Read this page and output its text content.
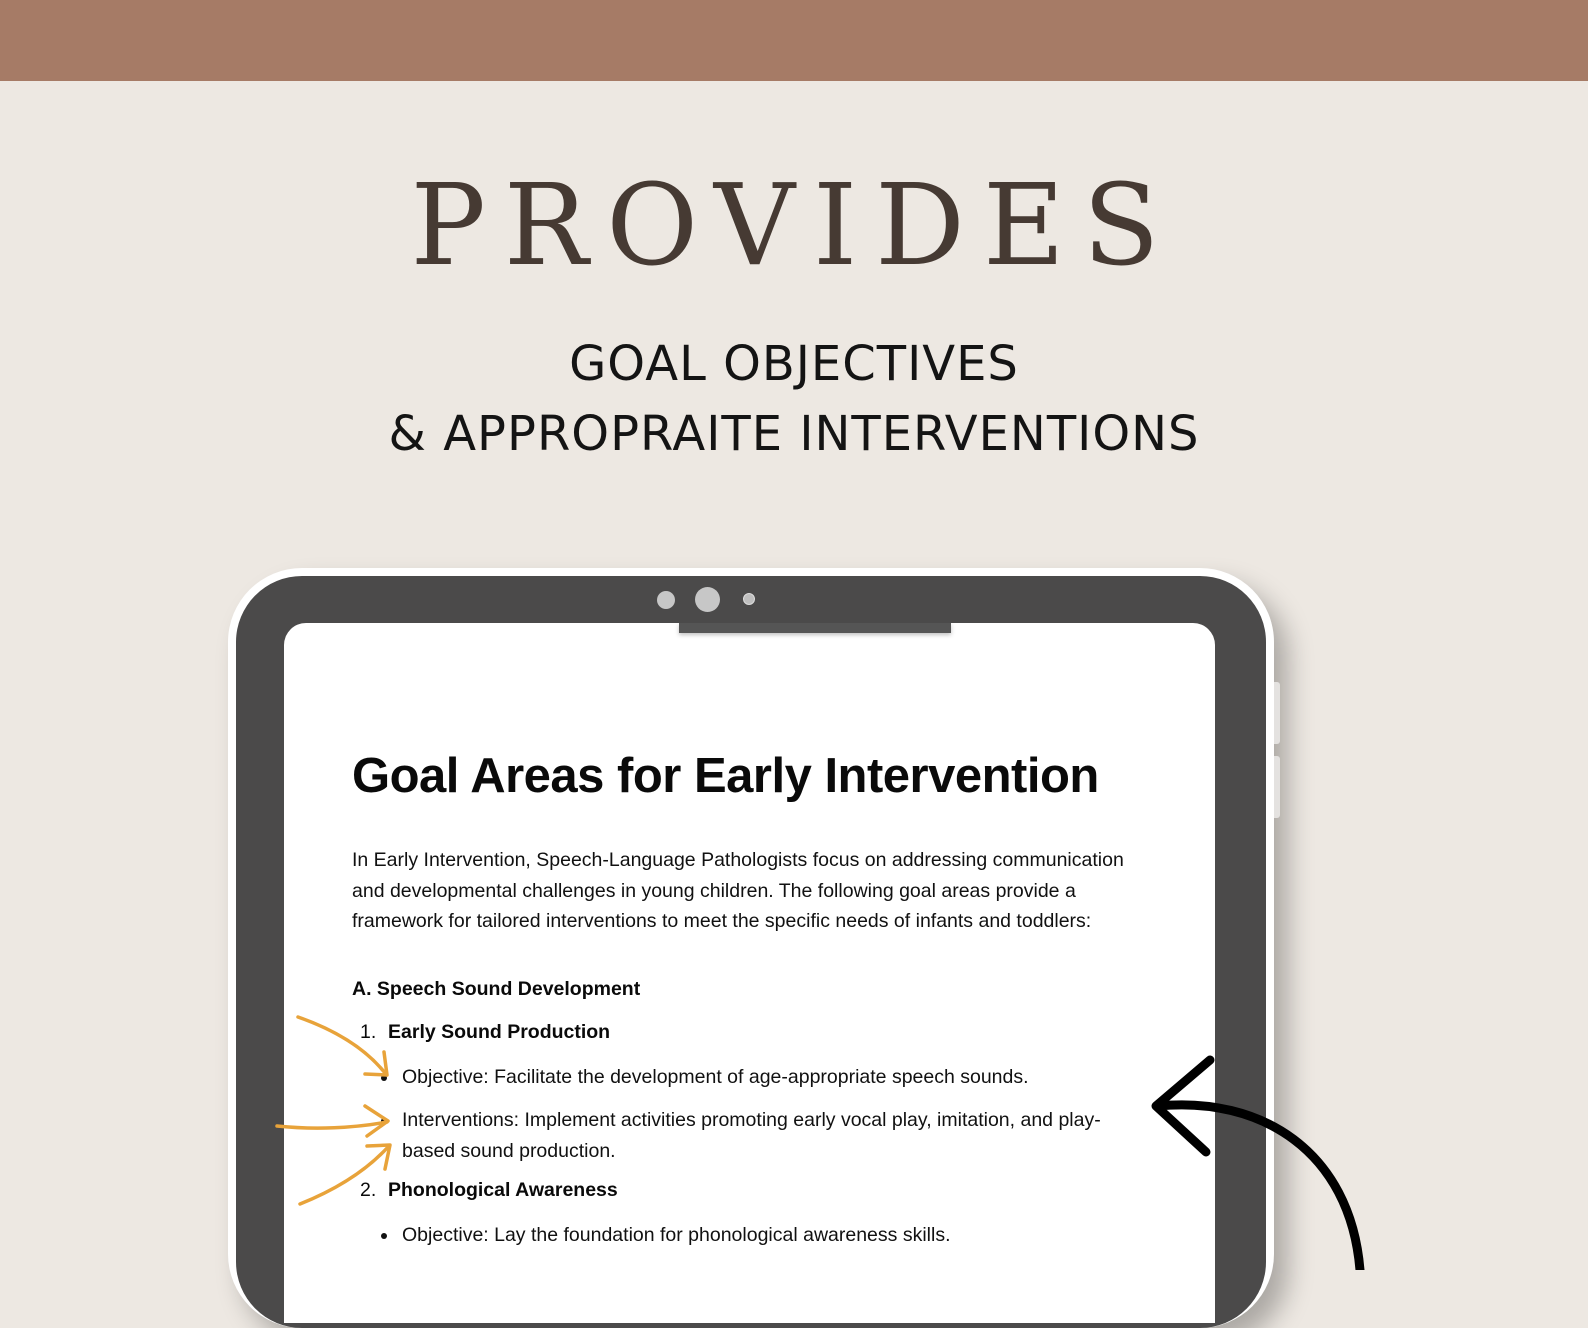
PROVIDES

GOAL OBJECTIVES

& APPROPRAITE INTERVENTIONS

Goal Areas for Early Intervention

In Early Intervention, Speech-Language Pathologists focus on addressing communication and developmental challenges in young children. The following goal areas provide a framework for tailored interventions to meet the specific needs of infants and toddlers:

A. Speech Sound Development

1. Early Sound Production

Objective: Facilitate the development of age-appropriate speech sounds.

Interventions: Implement activities promoting early vocal play, imitation, and play-based sound production.

2. Phonological Awareness

Objective: Lay the foundation for phonological awareness skills.
